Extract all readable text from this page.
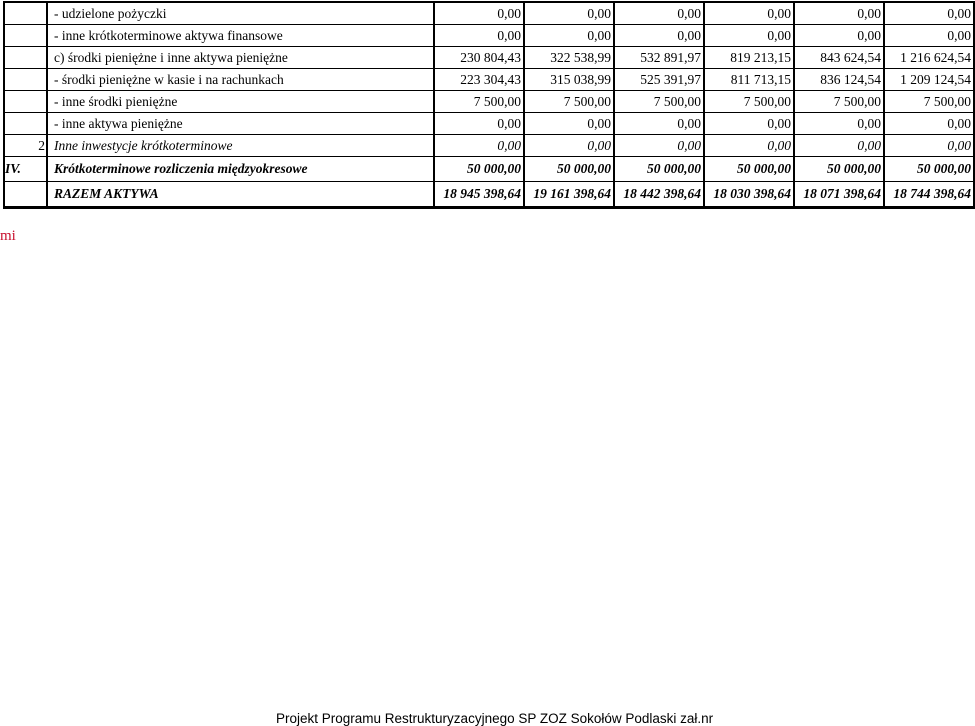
	- udzielone pożyczki	0,00	0,00	0,00	0,00	0,00	0,00
	- inne krótkoterminowe aktywa finansowe	0,00	0,00	0,00	0,00	0,00	0,00
	c) środki pieniężne i inne aktywa pieniężne	230 804,43	322 538,99	532 891,97	819 213,15	843 624,54	1 216 624,54
	- środki pieniężne w kasie i na rachunkach	223 304,43	315 038,99	525 391,97	811 713,15	836 124,54	1 209 124,54
	- inne środki pieniężne	7 500,00	7 500,00	7 500,00	7 500,00	7 500,00	7 500,00
	- inne aktywa pieniężne	0,00	0,00	0,00	0,00	0,00	0,00
2	Inne inwestycje krótkoterminowe	0,00	0,00	0,00	0,00	0,00	0,00
IV.	Krótkoterminowe rozliczenia międzyokresowe	50 000,00	50 000,00	50 000,00	50 000,00	50 000,00	50 000,00
	RAZEM AKTYWA	18 945 398,64	19 161 398,64	18 442 398,64	18 030 398,64	18 071 398,64	18 744 398,64
mi
Projekt Programu Restrukturyzacyjnego SP ZOZ Sokołów Podlaski zał.nr
